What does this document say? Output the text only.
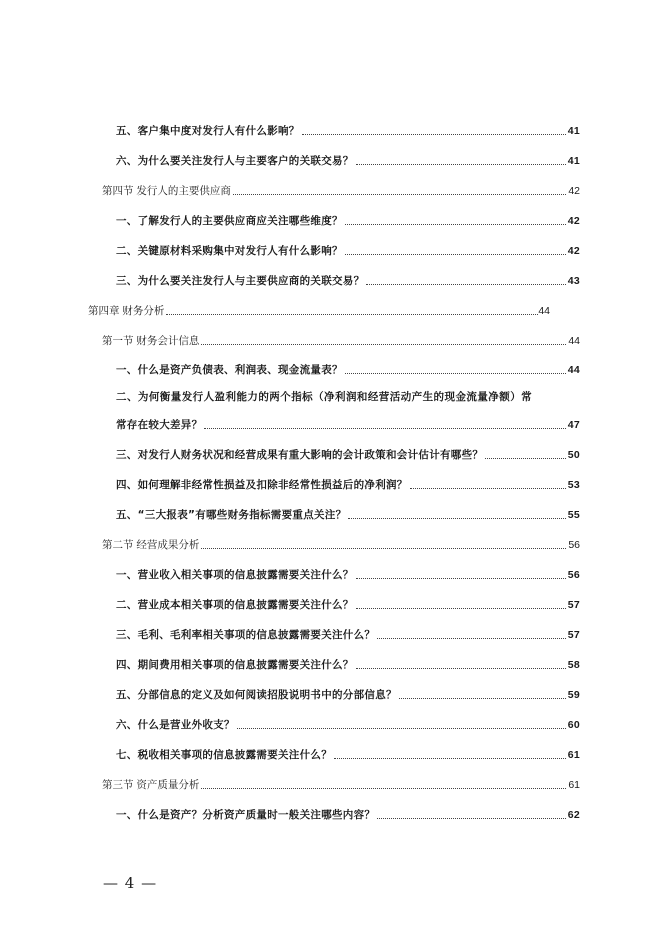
五、客户集中度对发行人有什么影响？	41
六、为什么要关注发行人与主要客户的关联交易？	41
第四节 发行人的主要供应商	42
一、了解发行人的主要供应商应关注哪些维度？	42
二、关键原材料采购集中对发行人有什么影响？	42
三、为什么要关注发行人与主要供应商的关联交易？	43
第四章 财务分析	44
第一节 财务会计信息	44
一、什么是资产负债表、利润表、现金流量表？	44
二、为何衡量发行人盈利能力的两个指标（净利润和经营活动产生的现金流量净额）常
常存在较大差异？	47
三、对发行人财务状况和经营成果有重大影响的会计政策和会计估计有哪些？	50
四、如何理解非经常性损益及扣除非经常性损益后的净利润？	53
五、“三大报表”有哪些财务指标需要重点关注？	55
第二节 经营成果分析	56
一、营业收入相关事项的信息披露需要关注什么？	56
二、营业成本相关事项的信息披露需要关注什么？	57
三、毛利、毛利率相关事项的信息披露需要关注什么？	57
四、期间费用相关事项的信息披露需要关注什么？	58
五、分部信息的定义及如何阅读招股说明书中的分部信息？	59
六、什么是营业外收支？	60
七、税收相关事项的信息披露需要关注什么？	61
第三节 资产质量分析	61
一、什么是资产？分析资产质量时一般关注哪些内容？	62
— 4 —
